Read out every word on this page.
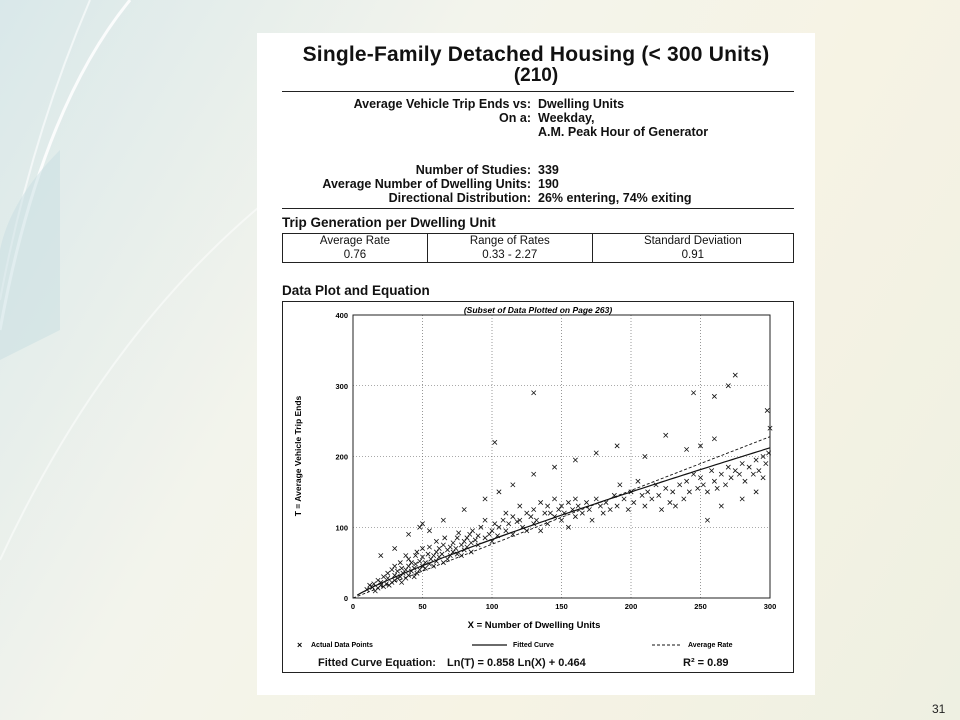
Single-Family Detached Housing (< 300 Units)
(210)
Average Vehicle Trip Ends vs: Dwelling Units
On a: Weekday,
A.M. Peak Hour of Generator
Number of Studies: 339
Average Number of Dwelling Units: 190
Directional Distribution: 26% entering, 74% exiting
Trip Generation per Dwelling Unit
Average Rate	Range of Rates	Standard Deviation
0.76	0.33 - 2.27	0.91
Data Plot and Equation
(Subset of Data Plotted on Page 263)
0	50	100	150	200	250	300
0
100
200
300
400
X = Number of Dwelling Units
T = Average Vehicle Trip Ends
× Actual Data Points	Fitted Curve	Average Rate
Fitted Curve Equation: Ln(T) = 0.858 Ln(X) + 0.464	R² = 0.89
31
